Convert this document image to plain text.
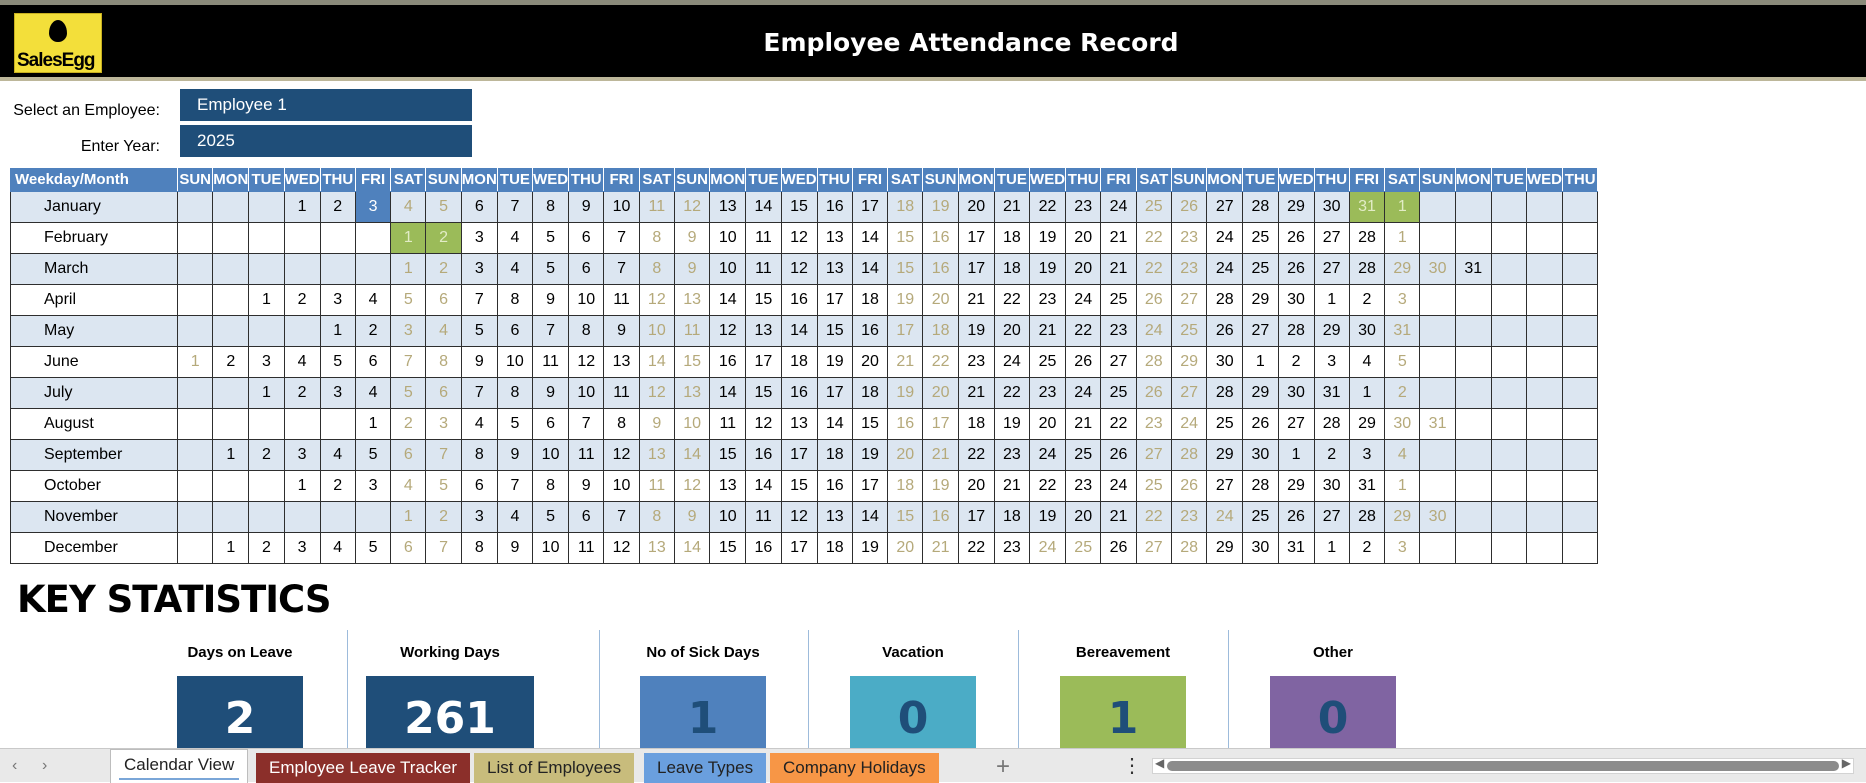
SalesEgg
Employee Attendance Record
Select an Employee:	Employee 1
Enter Year:	2025
Weekday/Month	SUN	MON	TUE	WED	THU	FRI	SAT	SUN	MON	TUE	WED	THU	FRI	SAT	SUN	MON	TUE	WED	THU	FRI	SAT	SUN	MON	TUE	WED	THU	FRI	SAT	SUN	MON	TUE	WED	THU	FRI	SAT	SUN	MON	TUE	WED	THU
January				1	2	3	4	5	6	7	8	9	10	11	12	13	14	15	16	17	18	19	20	21	22	23	24	25	26	27	28	29	30	31	1					
February							1	2	3	4	5	6	7	8	9	10	11	12	13	14	15	16	17	18	19	20	21	22	23	24	25	26	27	28	1					
March							1	2	3	4	5	6	7	8	9	10	11	12	13	14	15	16	17	18	19	20	21	22	23	24	25	26	27	28	29	30	31			
April			1	2	3	4	5	6	7	8	9	10	11	12	13	14	15	16	17	18	19	20	21	22	23	24	25	26	27	28	29	30	1	2	3					
May					1	2	3	4	5	6	7	8	9	10	11	12	13	14	15	16	17	18	19	20	21	22	23	24	25	26	27	28	29	30	31					
June	1	2	3	4	5	6	7	8	9	10	11	12	13	14	15	16	17	18	19	20	21	22	23	24	25	26	27	28	29	30	1	2	3	4	5					
July			1	2	3	4	5	6	7	8	9	10	11	12	13	14	15	16	17	18	19	20	21	22	23	24	25	26	27	28	29	30	31	1	2					
August						1	2	3	4	5	6	7	8	9	10	11	12	13	14	15	16	17	18	19	20	21	22	23	24	25	26	27	28	29	30	31				
September		1	2	3	4	5	6	7	8	9	10	11	12	13	14	15	16	17	18	19	20	21	22	23	24	25	26	27	28	29	30	1	2	3	4					
October				1	2	3	4	5	6	7	8	9	10	11	12	13	14	15	16	17	18	19	20	21	22	23	24	25	26	27	28	29	30	31	1					
November							1	2	3	4	5	6	7	8	9	10	11	12	13	14	15	16	17	18	19	20	21	22	23	24	25	26	27	28	29	30				
December		1	2	3	4	5	6	7	8	9	10	11	12	13	14	15	16	17	18	19	20	21	22	23	24	25	26	27	28	29	30	31	1	2	3					
KEY STATISTICS
Days on Leave
2
Working Days
261
No of Sick Days
1
Vacation
0
Bereavement
1
Other
0
‹ ›	Calendar View	Employee Leave Tracker	List of Employees	Leave Types	Company Holidays	+	⋮ ◀	▶
